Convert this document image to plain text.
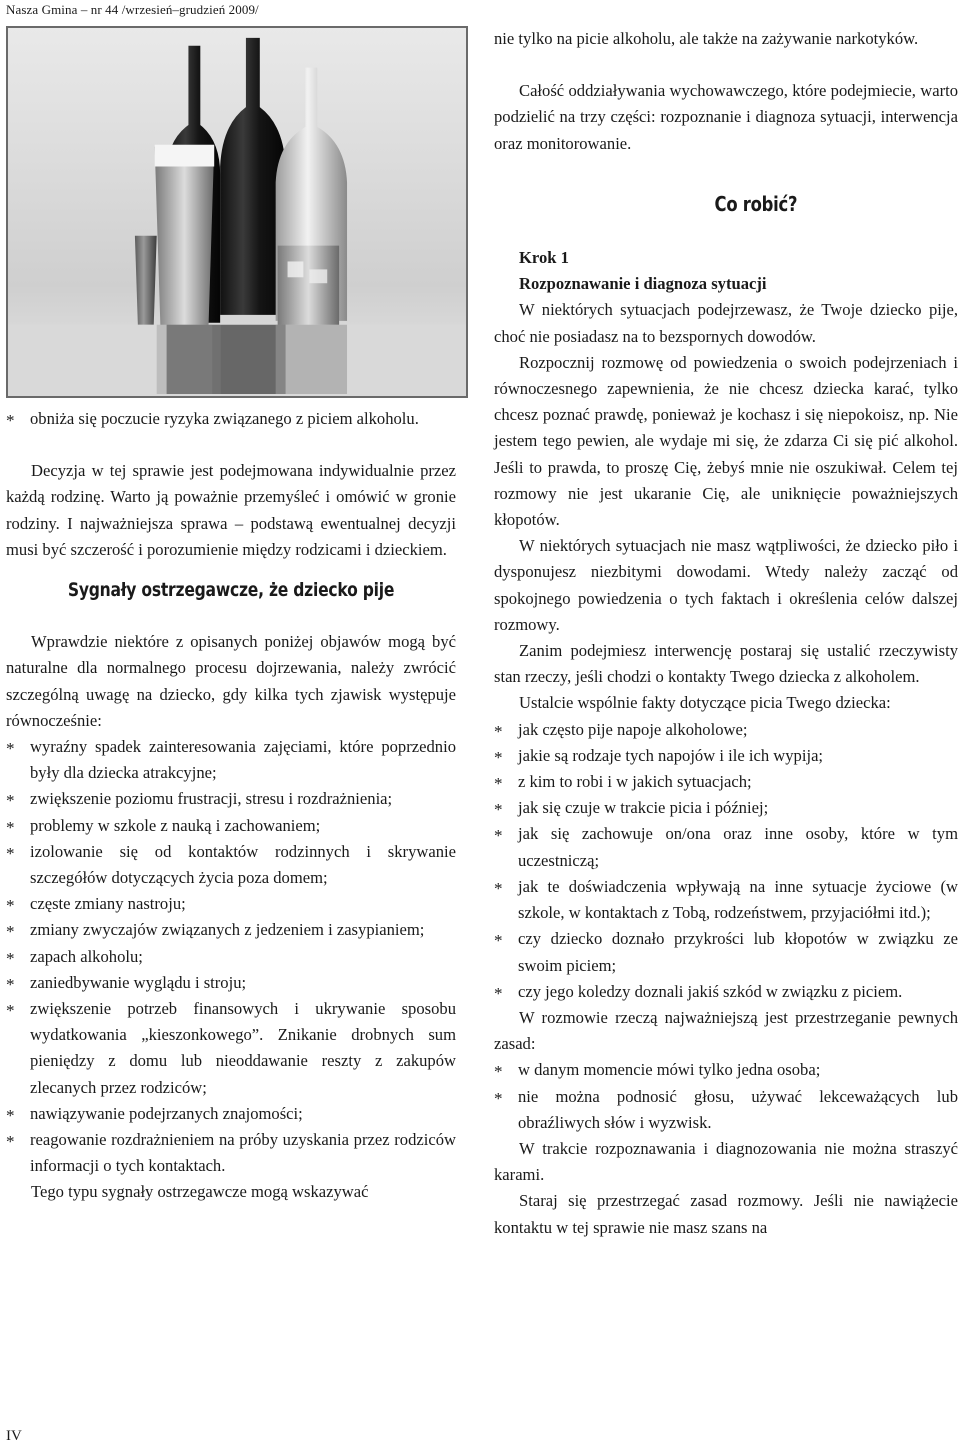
Nasza Gmina – nr 44 /wrzesień–grudzień 2009/
* obniża się poczucie ryzyka związanego z piciem alkoholu.

Decyzja w tej sprawie jest podejmowana indywidualnie przez każdą rodzinę. Warto ją poważnie przemyśleć i omówić w gronie rodziny. I najważniejsza sprawa – podstawą ewentualnej decyzji musi być szczerość i porozumienie między rodzicami i dzieckiem.

Sygnały ostrzegawcze, że dziecko pije

Wprawdzie niektóre z opisanych poniżej objawów mogą być naturalne dla normalnego procesu dojrzewania, należy zwrócić szczególną uwagę na dziecko, gdy kilka tych zjawisk występuje równocześnie:

* wyraźny spadek zainteresowania zajęciami, które poprzednio były dla dziecka atrakcyjne;
* zwiększenie poziomu frustracji, stresu i rozdrażnienia;
* problemy w szkole z nauką i zachowaniem;
* izolowanie się od kontaktów rodzinnych i skrywanie szczegółów dotyczących życia poza domem;
* częste zmiany nastroju;
* zmiany zwyczajów związanych z jedzeniem i zasypianiem;
* zapach alkoholu;
* zaniedbywanie wyglądu i stroju;
* zwiększenie potrzeb finansowych i ukrywanie sposobu wydatkowania „kieszonkowego”. Znikanie drobnych sum pieniędzy z domu lub nieoddawanie reszty z zakupów zlecanych przez rodziców;
* nawiązywanie podejrzanych znajomości;
* reagowanie rozdrażnieniem na próby uzyskania przez rodziców informacji o tych kontaktach.

Tego typu sygnały ostrzegawcze mogą wskazywać

nie tylko na picie alkoholu, ale także na zażywanie narkotyków.

Całość oddziaływania wychowawczego, które podejmiecie, warto podzielić na trzy części: rozpoznanie i diagnoza sytuacji, interwencja oraz monitorowanie.

Co robić?

Krok 1

Rozpoznawanie i diagnoza sytuacji

W niektórych sytuacjach podejrzewasz, że Twoje dziecko pije, choć nie posiadasz na to bezspornych dowodów.

Rozpocznij rozmowę od powiedzenia o swoich podejrzeniach i równoczesnego zapewnienia, że nie chcesz dziecka karać, tylko chcesz poznać prawdę, ponieważ je kochasz i się niepokoisz, np. Nie jestem tego pewien, ale wydaje mi się, że zdarza Ci się pić alkohol. Jeśli to prawda, to proszę Cię, żebyś mnie nie oszukiwał. Celem tej rozmowy nie jest ukaranie Cię, ale uniknięcie poważniejszych kłopotów.

W niektórych sytuacjach nie masz wątpliwości, że dziecko piło i dysponujesz niezbitymi dowodami. Wtedy należy zacząć od spokojnego powiedzenia o tych faktach i określenia celów dalszej rozmowy.

Zanim podejmiesz interwencję postaraj się ustalić rzeczywisty stan rzeczy, jeśli chodzi o kontakty Twego dziecka z alkoholem.

Ustalcie wspólnie fakty dotyczące picia Twego dziecka:

* jak często pije napoje alkoholowe;
* jakie są rodzaje tych napojów i ile ich wypija;
* z kim to robi i w jakich sytuacjach;
* jak się czuje w trakcie picia i później;
* jak się zachowuje on/ona oraz inne osoby, które w tym uczestniczą;
* jak te doświadczenia wpływają na inne sytuacje życiowe (w szkole, w kontaktach z Tobą, rodzeństwem, przyjaciółmi itd.);
* czy dziecko doznało przykrości lub kłopotów w związku ze swoim piciem;
* czy jego koledzy doznali jakiś szkód w związku z piciem.

W rozmowie rzeczą najważniejszą jest przestrzeganie pewnych zasad:

* w danym momencie mówi tylko jedna osoba;
* nie można podnosić głosu, używać lekceważących lub obraźliwych słów i wyzwisk.

W trakcie rozpoznawania i diagnozowania nie można straszyć karami.

Staraj się przestrzegać zasad rozmowy. Jeśli nie nawiążecie kontaktu w tej sprawie nie masz szans na

IV
